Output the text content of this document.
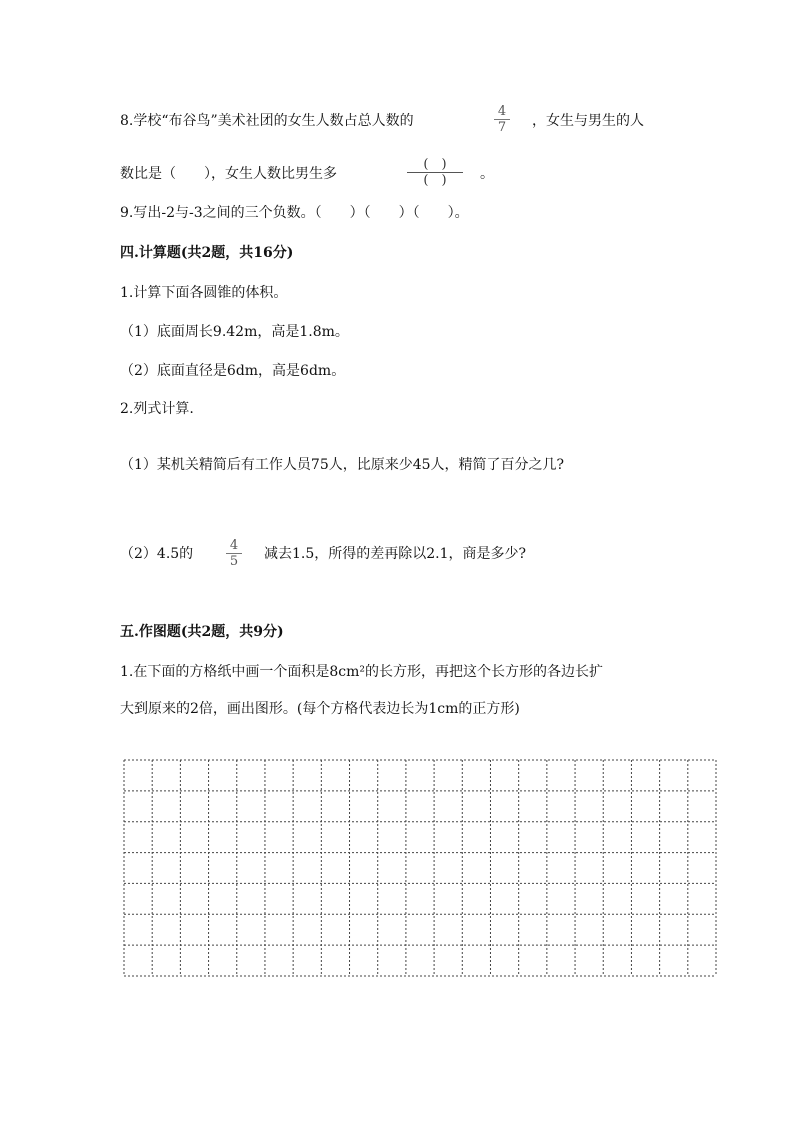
8.学校“布谷鸟”美术社团的女生人数占总人数的
4
7	，女生与男生的人
数比是（　　），女生人数比男生多
(　)
(　)	。
9.写出-2与-3之间的三个负数。（　　）（　　）（　　）。
四.计算题(共2题，共16分)
1.计算下面各圆锥的体积。
（1）底面周长9.42m，高是1.8m。
（2）底面直径是6dm，高是6dm。
2.列式计算.
（1）某机关精简后有工作人员75人，比原来少45人，精简了百分之几?
（2）4.5的
4
5	减去1.5，所得的差再除以2.1，商是多少?
五.作图题(共2题，共9分)
1.在下面的方格纸中画一个面积是8cm²的长方形，再把这个长方形的各边长扩
大到原来的2倍，画出图形。(每个方格代表边长为1cm的正方形)
